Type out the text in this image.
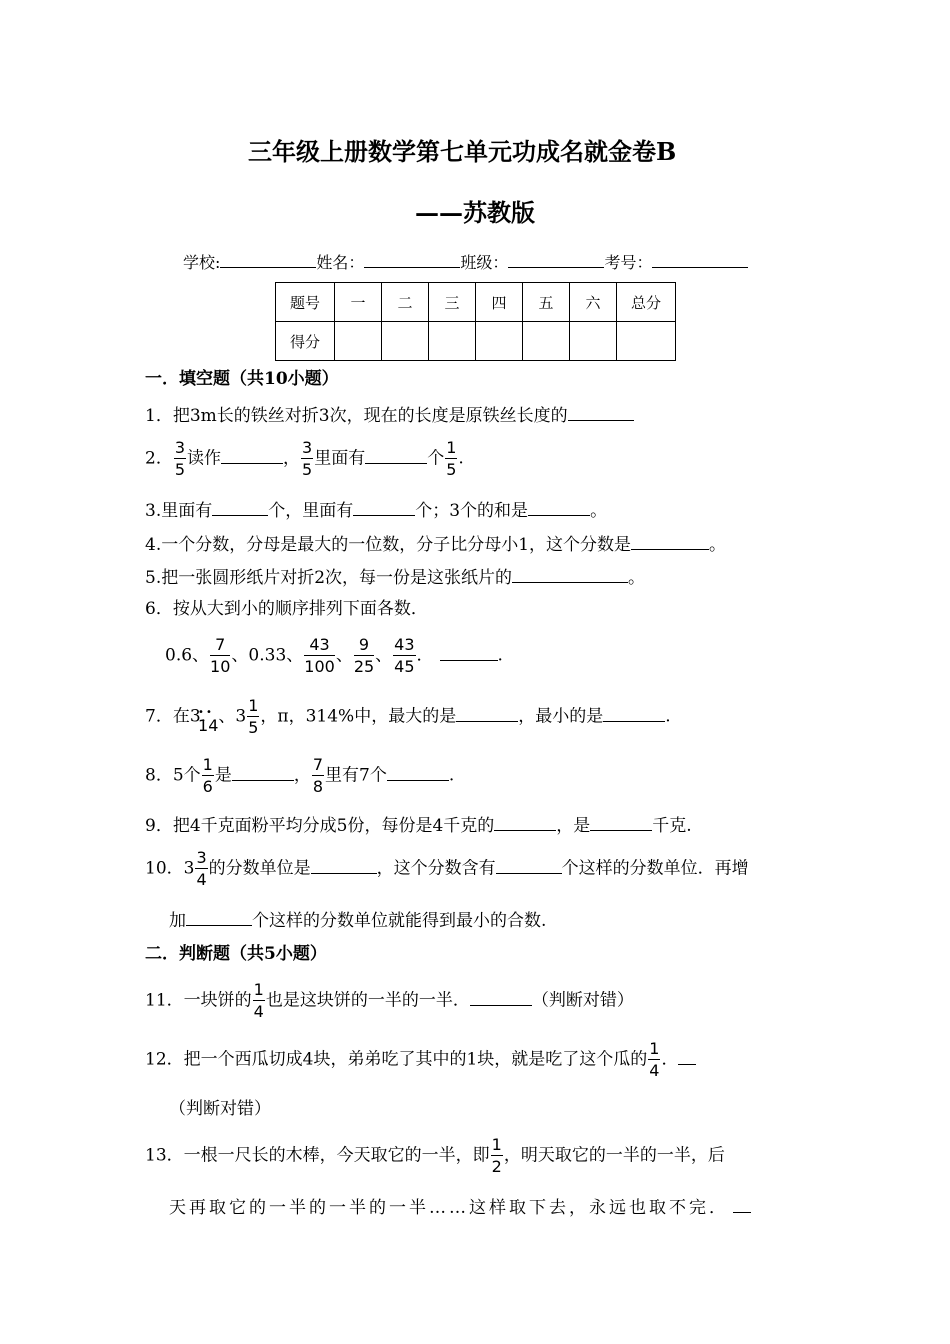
三年级上册数学第七单元功成名就金卷B
——苏教版
学校:	姓名：	班级：	考号：
题号	一	二	三	四	五	六	总分
得分							
一．填空题（共10小题）
1．把3m长的铁丝对折3次，现在的长度是原铁丝长度的
2． $\frac{3}{5}$ 读作	， $\frac{3}{5}$ 里面有	个 $\frac{1}{5}$ .
3.里面有	个，里面有	个；3个的和是	。
4.一个分数，分母是最大的一位数，分子比分母小1，这个分数是	。
5.把一张圆形纸片对折2次，每一份是这张纸片的	。
6．按从大到小的顺序排列下面各数．
0.6、 $\frac{7}{10}$ 、0.33、 $\frac{43}{100}$ 、 $\frac{9}{25}$ 、 $\frac{43}{45}$ ．	.
7．在3.•• 14、$3 \frac{1}{5}$ ，π，314%中，最大的是	，最小的是	.
8．5个 $\frac{1}{6}$ 是	， $\frac{7}{8}$ 里有7个	.
9．把4千克面粉平均分成5份，每份是4千克的	，是	千克.
10．$3 \frac{3}{4}$ 的分数单位是	，这个分数含有	个这样的分数单位．再增
加	个这样的分数单位就能得到最小的合数.
二．判断题（共5小题）
11．一块饼的 $\frac{1}{4}$ 也是这块饼的一半的一半．	（判断对错）
12．把一个西瓜切成4块，弟弟吃了其中的1块，就是吃了这个瓜的 $\frac{1}{4}$ ．
（判断对错）
13．一根一尺长的木棒，今天取它的一半，即 $\frac{1}{2}$ ，明天取它的一半的一半，后
天再取它的一半的一半的一半……这样取下去，永远也取不完．
